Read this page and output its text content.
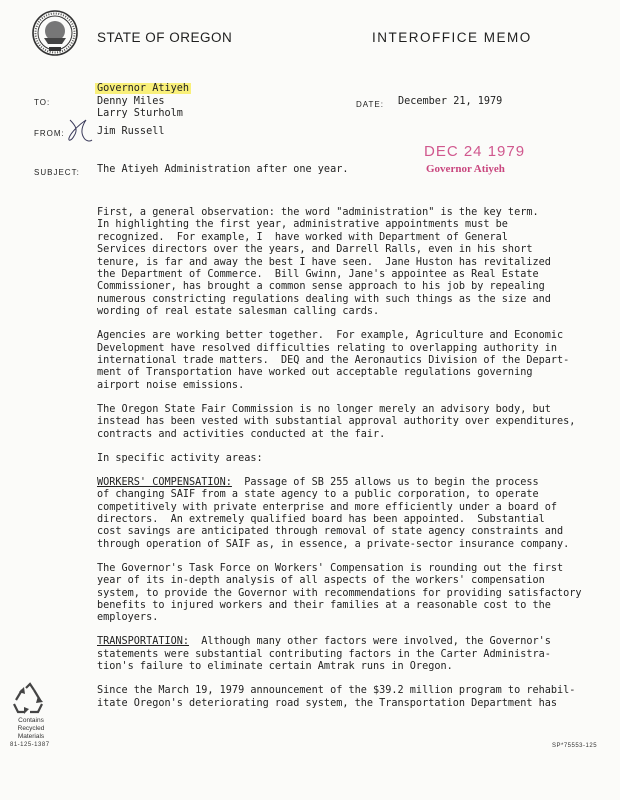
STATE OF OREGON	INTEROFFICE MEMO
TO:
Governor Atiyeh
Denny Miles
Larry Sturholm
DATE: December 21, 1979
FROM:	Jim Russell
DEC 24 1979
Governor Atiyeh
SUBJECT: The Atiyeh Administration after one year.

First, a general observation: the word "administration" is the key term.
In highlighting the first year, administrative appointments must be
recognized.  For example, I  have worked with Department of General
Services directors over the years, and Darrell Ralls, even in his short
tenure, is far and away the best I have seen.  Jane Huston has revitalized
the Department of Commerce.  Bill Gwinn, Jane's appointee as Real Estate
Commissioner, has brought a common sense approach to his job by repealing
numerous constricting regulations dealing with such things as the size and
wording of real estate salesman calling cards.

Agencies are working better together.  For example, Agriculture and Economic
Development have resolved difficulties relating to overlapping authority in
international trade matters.  DEQ and the Aeronautics Division of the Depart-
ment of Transportation have worked out acceptable regulations governing
airport noise emissions.

The Oregon State Fair Commission is no longer merely an advisory body, but
instead has been vested with substantial approval authority over expenditures,
contracts and activities conducted at the fair.

In specific activity areas:

WORKERS' COMPENSATION:  Passage of SB 255 allows us to begin the process
of changing SAIF from a state agency to a public corporation, to operate
competitively with private enterprise and more efficiently under a board of
directors.  An extremely qualified board has been appointed.  Substantial
cost savings are anticipated through removal of state agency constraints and
through operation of SAIF as, in essence, a private-sector insurance company.

The Governor's Task Force on Workers' Compensation is rounding out the first
year of its in-depth analysis of all aspects of the workers' compensation
system, to provide the Governor with recommendations for providing satisfactory
benefits to injured workers and their families at a reasonable cost to the
employers.

TRANSPORTATION:  Although many other factors were involved, the Governor's
statements were substantial contributing factors in the Carter Administra-
tion's failure to eliminate certain Amtrak runs in Oregon.

Since the March 19, 1979 announcement of the $39.2 million program to rehabil-
itate Oregon's deteriorating road system, the Transportation Department has

Contains
Recycled
Materials
81-125-1387	SP*75553-125
